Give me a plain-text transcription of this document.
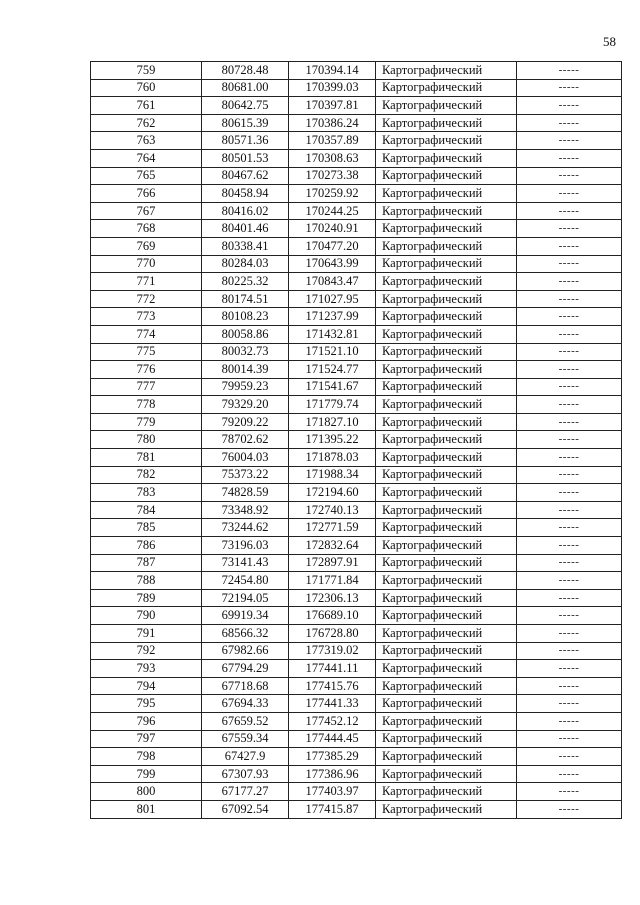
58
759	80728.48	170394.14	Картографический	-----
760	80681.00	170399.03	Картографический	-----
761	80642.75	170397.81	Картографический	-----
762	80615.39	170386.24	Картографический	-----
763	80571.36	170357.89	Картографический	-----
764	80501.53	170308.63	Картографический	-----
765	80467.62	170273.38	Картографический	-----
766	80458.94	170259.92	Картографический	-----
767	80416.02	170244.25	Картографический	-----
768	80401.46	170240.91	Картографический	-----
769	80338.41	170477.20	Картографический	-----
770	80284.03	170643.99	Картографический	-----
771	80225.32	170843.47	Картографический	-----
772	80174.51	171027.95	Картографический	-----
773	80108.23	171237.99	Картографический	-----
774	80058.86	171432.81	Картографический	-----
775	80032.73	171521.10	Картографический	-----
776	80014.39	171524.77	Картографический	-----
777	79959.23	171541.67	Картографический	-----
778	79329.20	171779.74	Картографический	-----
779	79209.22	171827.10	Картографический	-----
780	78702.62	171395.22	Картографический	-----
781	76004.03	171878.03	Картографический	-----
782	75373.22	171988.34	Картографический	-----
783	74828.59	172194.60	Картографический	-----
784	73348.92	172740.13	Картографический	-----
785	73244.62	172771.59	Картографический	-----
786	73196.03	172832.64	Картографический	-----
787	73141.43	172897.91	Картографический	-----
788	72454.80	171771.84	Картографический	-----
789	72194.05	172306.13	Картографический	-----
790	69919.34	176689.10	Картографический	-----
791	68566.32	176728.80	Картографический	-----
792	67982.66	177319.02	Картографический	-----
793	67794.29	177441.11	Картографический	-----
794	67718.68	177415.76	Картографический	-----
795	67694.33	177441.33	Картографический	-----
796	67659.52	177452.12	Картографический	-----
797	67559.34	177444.45	Картографический	-----
798	67427.9	177385.29	Картографический	-----
799	67307.93	177386.96	Картографический	-----
800	67177.27	177403.97	Картографический	-----
801	67092.54	177415.87	Картографический	-----
